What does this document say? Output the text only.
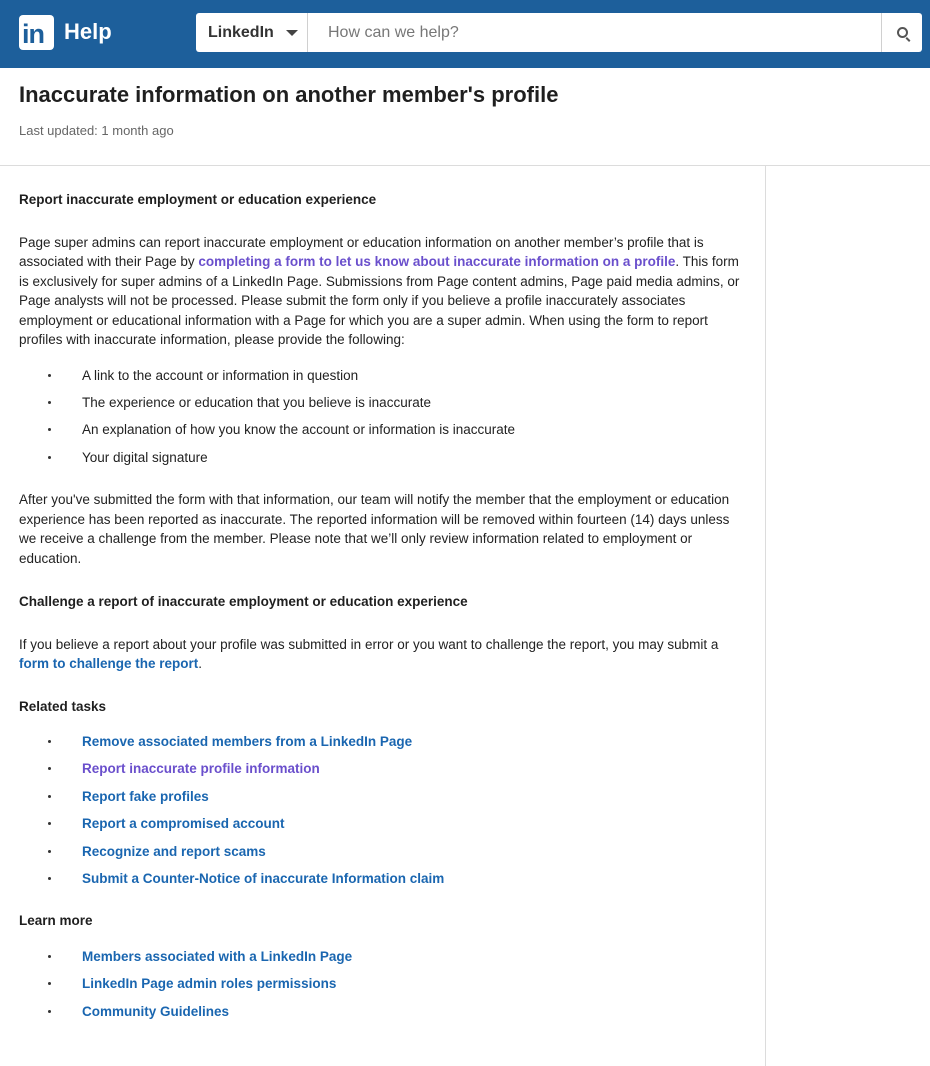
in Help	LinkedIn
How can we help?
Inaccurate information on another member's profile
Last updated: 1 month ago
Report inaccurate employment or education experience

Page super admins can report inaccurate employment or education information on another member’s profile that is associated with their Page by completing a form to let us know about inaccurate information on a profile. This form is exclusively for super admins of a LinkedIn Page. Submissions from Page content admins, Page paid media admins, or Page analysts will not be processed. Please submit the form only if you believe a profile inaccurately associates employment or educational information with a Page for which you are a super admin. When using the form to report profiles with inaccurate information, please provide the following:

A link to the account or information in question
The experience or education that you believe is inaccurate
An explanation of how you know the account or information is inaccurate
Your digital signature

After you've submitted the form with that information, our team will notify the member that the employment or education experience has been reported as inaccurate. The reported information will be removed within fourteen (14) days unless we receive a challenge from the member. Please note that we’ll only review information related to employment or education.

Challenge a report of inaccurate employment or education experience

If you believe a report about your profile was submitted in error or you want to challenge the report, you may submit a form to challenge the report.

Related tasks
Remove associated members from a LinkedIn Page
Report inaccurate profile information
Report fake profiles
Report a compromised account
Recognize and report scams
Submit a Counter-Notice of inaccurate Information claim
Learn more
Members associated with a LinkedIn Page
LinkedIn Page admin roles permissions
Community Guidelines
